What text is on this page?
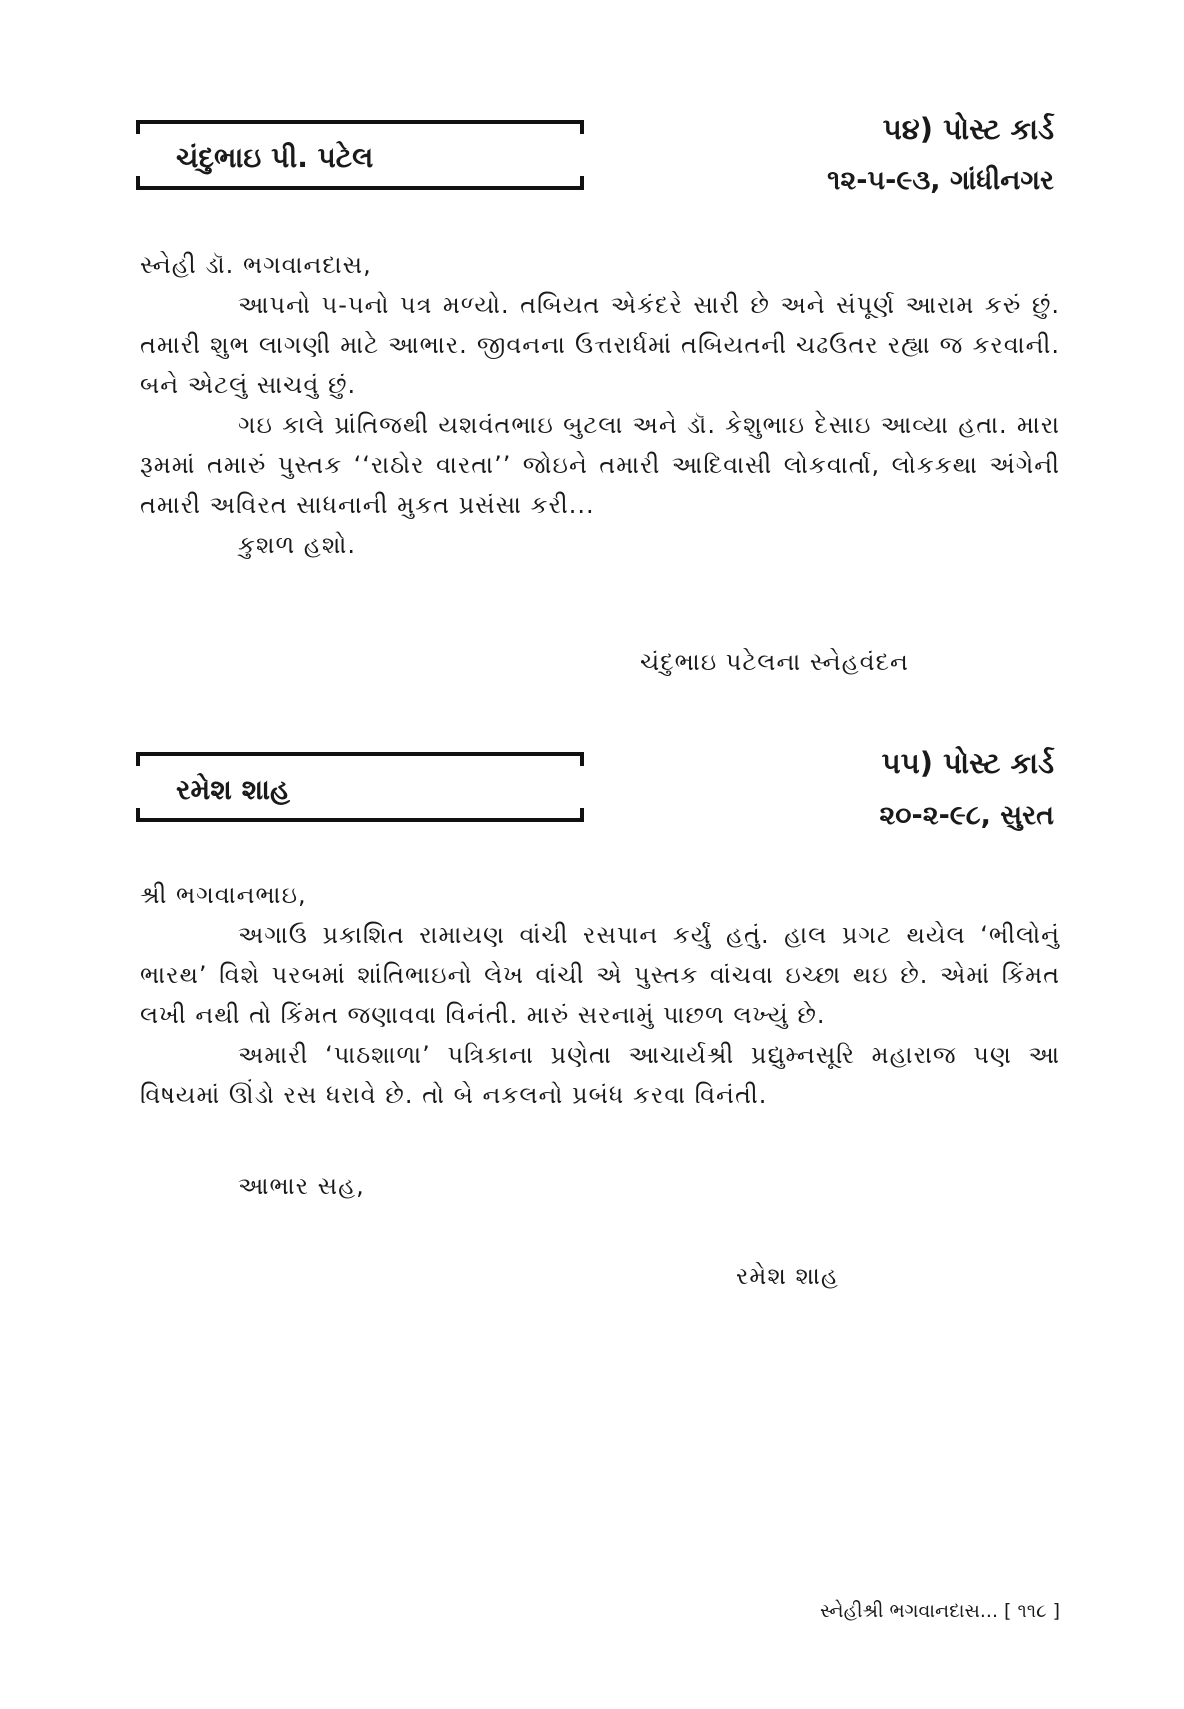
ચંદુભાઇ પી. પટેલ
૫૪) પોસ્ટ કાર્ડ
૧૨-૫-૯૩, ગાંધીનગર

સ્નેહી ડૉ. ભગવાનદાસ,

આપનો ૫-૫નો પત્ર મળ્યો. તબિયત એકંદરે સારી છે અને સંપૂર્ણ આરામ કરું છું. તમારી શુભ લાગણી માટે આભાર. જીવનના ઉત્તરાર્ધમાં તબિયતની ચઢઉતર રહ્યા જ કરવાની. બને એટલું સાચવું છું.

ગઇ કાલે પ્રાંતિજથી યશવંતભાઇ બુટલા અને ડૉ. કેશુભાઇ દેસાઇ આવ્યા હતા. મારા રૂમમાં તમારું પુસ્તક ‘‘રાઠોર વારતા’’ જોઇને તમારી આદિવાસી લોકવાર્તા, લોકકથા અંગેની તમારી અવિરત સાધનાની મુકત પ્રસંસા કરી...

કુશળ હશો.

ચંદુભાઇ પટેલના સ્નેહવંદન
રમેશ શાહ
૫૫) પોસ્ટ કાર્ડ
૨૦-૨-૯૮, સુરત

શ્રી ભગવાનભાઇ,

અગાઉ પ્રકાશિત રામાયણ વાંચી રસપાન કર્યું હતું. હાલ પ્રગટ થયેલ ‘ભીલોનું ભારથ’ વિશે પરબમાં શાંતિભાઇનો લેખ વાંચી એ પુસ્તક વાંચવા ઇચ્છા થઇ છે. એમાં કિંમત લખી નથી તો કિંમત જણાવવા વિનંતી. મારું સરનામું પાછળ લખ્યું છે.

અમારી ‘પાઠશાળા’ પત્રિકાના પ્રણેતા આચાર્યશ્રી પ્રદ્યુમ્નસૂરિ મહારાજ પણ આ વિષયમાં ઊંડો રસ ધરાવે છે. તો બે નકલનો પ્રબંધ કરવા વિનંતી.

આભાર સહ,
રમેશ શાહ
સ્નેહીશ્રી ભગવાનદાસ... [ ૧૧૮ ]
